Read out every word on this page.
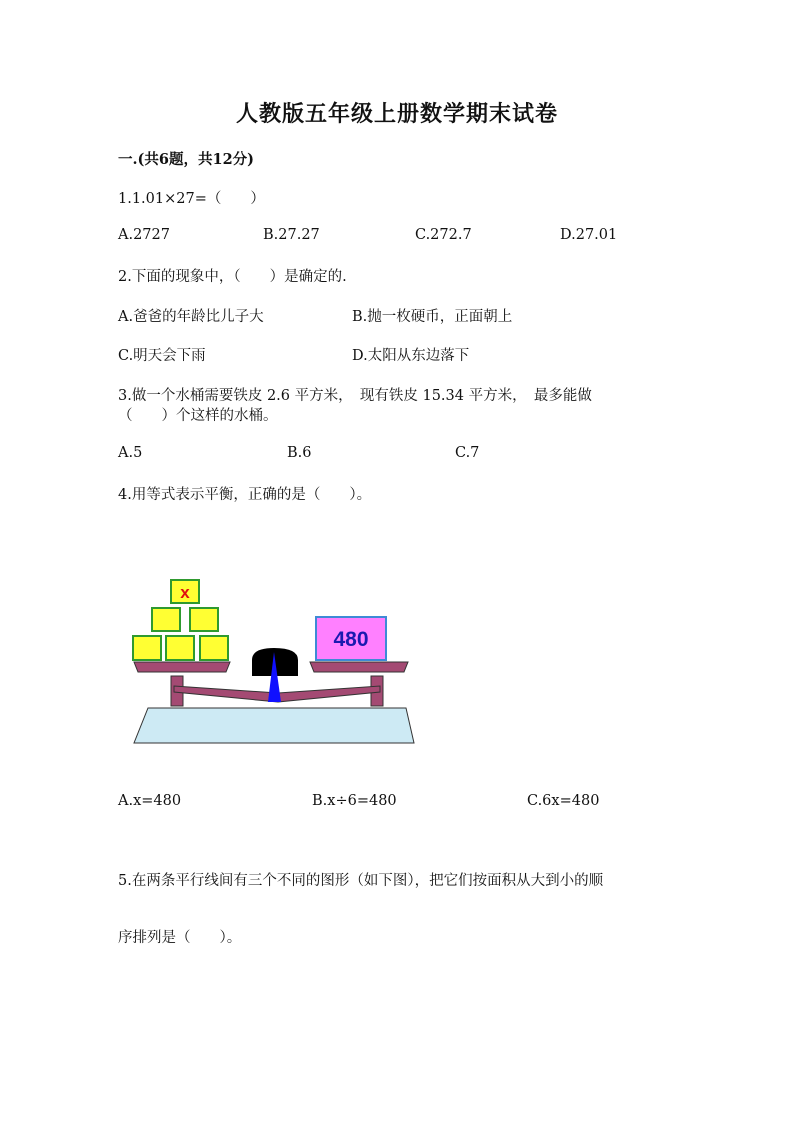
人教版五年级上册数学期末试卷
一.(共6题，共12分)
1.1.01×27=（　　）
A.2727	B.27.27	C.272.7	D.27.01
2.下面的现象中，（　　）是确定的.
A.爸爸的年龄比儿子大	B.抛一枚硬币，正面朝上
C.明天会下雨	D.太阳从东边落下
3.做一个水桶需要铁皮 2.6 平方米，　现有铁皮 15.34 平方米，　最多能做
（　　）个这样的水桶。
A.5	B.6	C.7
4.用等式表示平衡，正确的是（　　）。
x
480
A.x=480	B.x÷6=480	C.6x=480
5.在两条平行线间有三个不同的图形（如下图），把它们按面积从大到小的顺
序排列是（　　）。
